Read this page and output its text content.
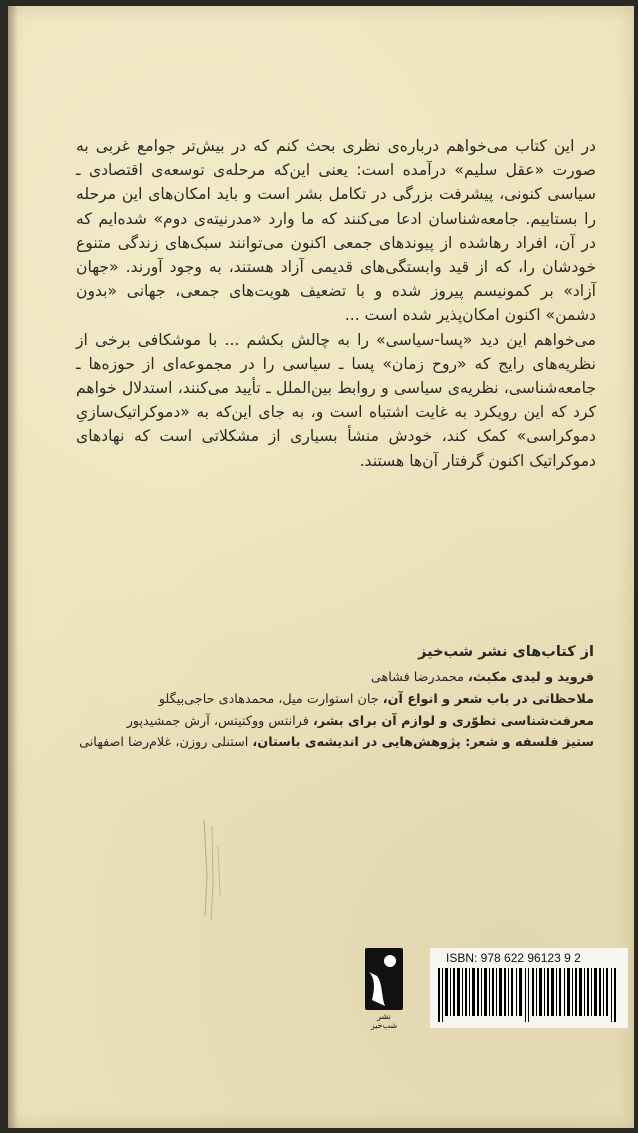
در این کتاب می‌خواهم درباره‌ی نظری بحث کنم که در بیش‌تر جوامع غربی به صورت «عقل سلیم» درآمده است: یعنی این‌که مرحله‌ی توسعه‌ی اقتصادی ـ سیاسی کنونی، پیشرفت بزرگی در تکامل بشر است و باید امکان‌های این مرحله را بستاییم. جامعه‌شناسان ادعا می‌کنند که ما وارد «مدرنیته‌ی دوم» شده‌ایم که در آن، افراد رهاشده از پیوندهای جمعی اکنون می‌توانند سبک‌های زندگی متنوع خودشان را، که از قید وابستگی‌های قدیمی آزاد هستند، به وجود آورند. «جهان آزاد» بر کمونیسم پیروز شده و با تضعیف هویت‌های جمعی، جهانی «بدون دشمن» اکنون امکان‌پذیر شده است ...

می‌خواهم این دید «پسا-سیاسی» را به چالش بکشم ... با موشکافی برخی از نظریه‌های رایج که «روح زمان» پسا ـ سیاسی را در مجموعه‌ای از حوزه‌ها ـ جامعه‌شناسی، نظریه‌ی سیاسی و روابط بین‌الملل ـ تأیید می‌کنند، استدلال خواهم کرد که این رویکرد به غایت اشتباه است و، به جای این‌که به «دموکراتیک‌سازیِ دموکراسی» کمک کند، خودش منشأ بسیاری از مشکلاتی است که نهادهای دموکراتیک اکنون گرفتار آن‌ها هستند.

از کتاب‌های نشر شب‌خیز
فروید و لیدی مکبث، محمدرضا فشاهی
ملاحظاتی در باب شعر و انواع آن، جان استوارت میل، محمدهادی حاجی‌بیگلو
معرفت‌شناسی تطوّری و لوازم آن برای بشر، فرانتس ووکتیتس، آرش جمشیدپور
ستیز فلسفه و شعر: پژوهش‌هایی در اندیشه‌ی باستان، استنلی روزن، غلام‌رضا اصفهانی
نشر شب‌خیز
ISBN: 978 622 96123 9 2
